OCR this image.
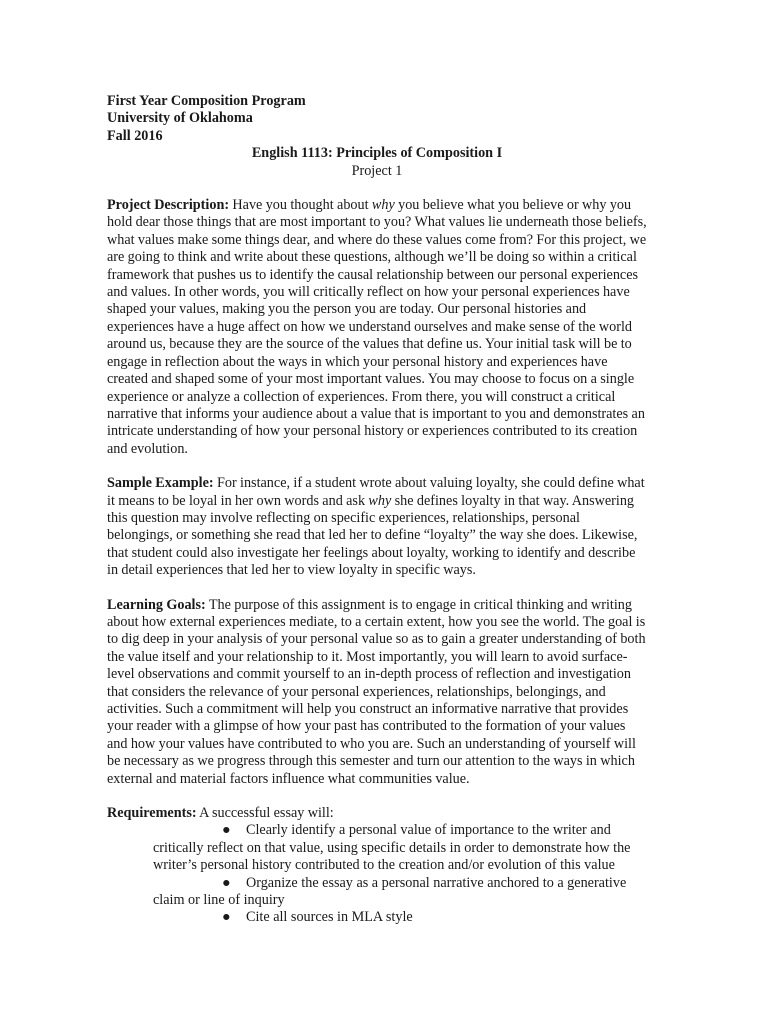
First Year Composition Program

University of Oklahoma

Fall 2016

English 1113: Principles of Composition I

Project 1

Project Description: Have you thought about why you believe what you believe or why you hold dear those things that are most important to you? What values lie underneath those beliefs, what values make some things dear, and where do these values come from? For this project, we are going to think and write about these questions, although we’ll be doing so within a critical framework that pushes us to identify the causal relationship between our personal experiences and values. In other words, you will critically reflect on how your personal experiences have shaped your values, making you the person you are today. Our personal histories and experiences have a huge affect on how we understand ourselves and make sense of the world around us, because they are the source of the values that define us. Your initial task will be to engage in reflection about the ways in which your personal history and experiences have created and shaped some of your most important values. You may choose to focus on a single experience or analyze a collection of experiences. From there, you will construct a critical narrative that informs your audience about a value that is important to you and demonstrates an intricate understanding of how your personal history or experiences contributed to its creation and evolution.

Sample Example: For instance, if a student wrote about valuing loyalty, she could define what it means to be loyal in her own words and ask why she defines loyalty in that way. Answering this question may involve reflecting on specific experiences, relationships, personal belongings, or something she read that led her to define “loyalty” the way she does. Likewise, that student could also investigate her feelings about loyalty, working to identify and describe in detail experiences that led her to view loyalty in specific ways.

Learning Goals: The purpose of this assignment is to engage in critical thinking and writing about how external experiences mediate, to a certain extent, how you see the world. The goal is to dig deep in your analysis of your personal value so as to gain a greater understanding of both the value itself and your relationship to it. Most importantly, you will learn to avoid surface-level observations and commit yourself to an in-depth process of reflection and investigation that considers the relevance of your personal experiences, relationships, belongings, and activities. Such a commitment will help you construct an informative narrative that provides your reader with a glimpse of how your past has contributed to the formation of your values and how your values have contributed to who you are. Such an understanding of yourself will be necessary as we progress through this semester and turn our attention to the ways in which external and material factors influence what communities value.

Requirements: A successful essay will:

● Clearly identify a personal value of importance to the writer and
critically reflect on that value, using specific details in order to demonstrate how the writer’s personal history contributed to the creation and/or evolution of this value
● Organize the essay as a personal narrative anchored to a generative
claim or line of inquiry
● Cite all sources in MLA style
